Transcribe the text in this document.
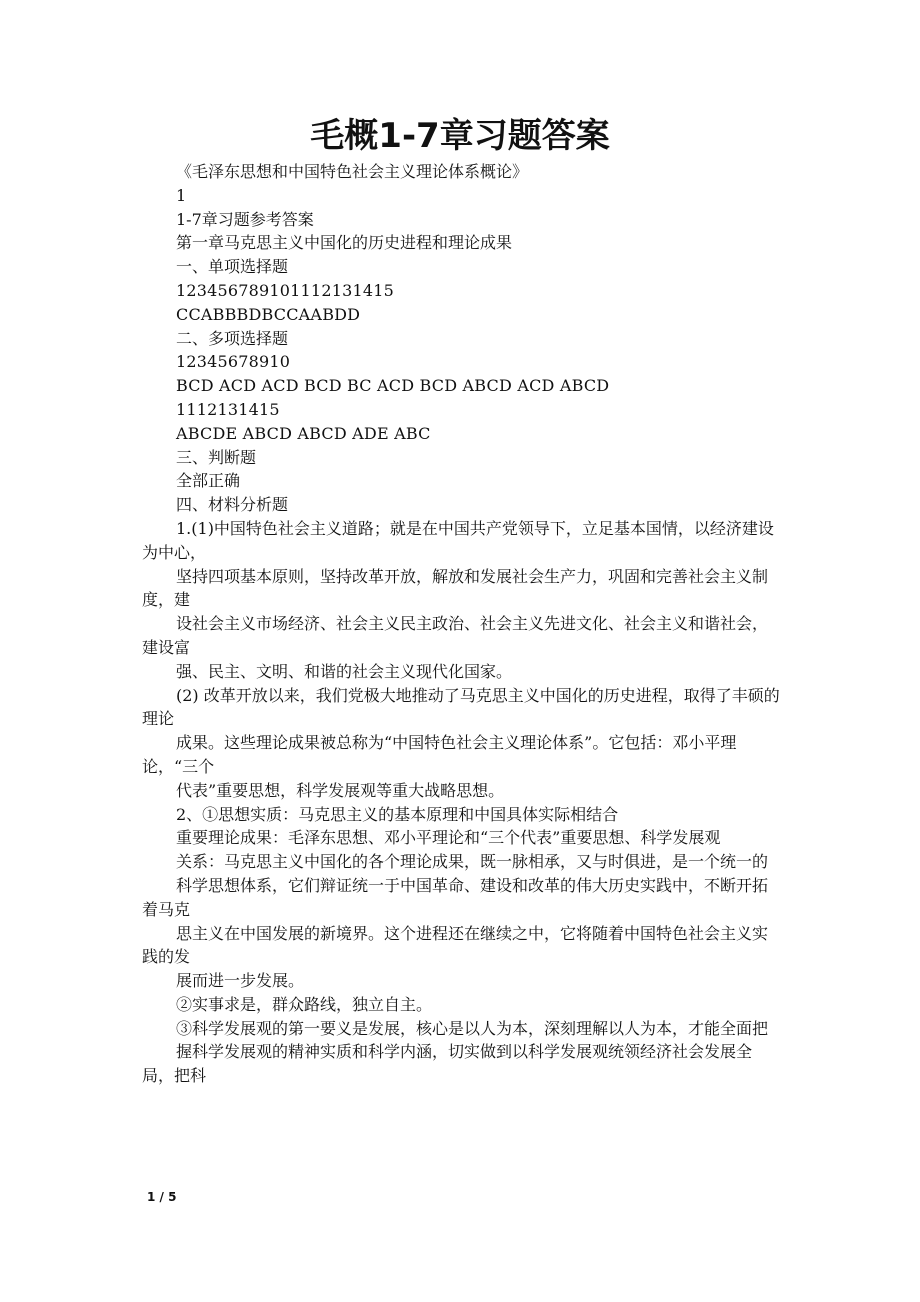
毛概1-7章习题答案

《毛泽东思想和中国特色社会主义理论体系概论》

1

1-7章习题参考答案

第一章马克思主义中国化的历史进程和理论成果

一、单项选择题

123456789101112131415

CCABBBDBCCAABDD

二、多项选择题

12345678910

BCD ACD ACD BCD BC ACD BCD ABCD ACD ABCD

1112131415

ABCDE ABCD ABCD ADE ABC

三、判断题

全部正确

四、材料分析题

1.(1)中国特色社会主义道路；就是在中国共产党领导下，立足基本国情，以经济建设为中心，

坚持四项基本原则，坚持改革开放，解放和发展社会生产力，巩固和完善社会主义制度，建

设社会主义市场经济、社会主义民主政治、社会主义先进文化、社会主义和谐社会，建设富

强、民主、文明、和谐的社会主义现代化国家。

(2) 改革开放以来，我们党极大地推动了马克思主义中国化的历史进程，取得了丰硕的理论

成果。这些理论成果被总称为“中国特色社会主义理论体系”。它包括：邓小平理论，“三个

代表”重要思想，科学发展观等重大战略思想。

2、①思想实质：马克思主义的基本原理和中国具体实际相结合

重要理论成果：毛泽东思想、邓小平理论和“三个代表”重要思想、科学发展观

关系：马克思主义中国化的各个理论成果，既一脉相承，又与时俱进，是一个统一的

科学思想体系，它们辩证统一于中国革命、建设和改革的伟大历史实践中，不断开拓着马克

思主义在中国发展的新境界。这个进程还在继续之中，它将随着中国特色社会主义实践的发

展而进一步发展。

②实事求是，群众路线，独立自主。

③科学发展观的第一要义是发展，核心是以人为本，深刻理解以人为本，才能全面把

握科学发展观的精神实质和科学内涵，切实做到以科学发展观统领经济社会发展全局，把科

1 / 5
